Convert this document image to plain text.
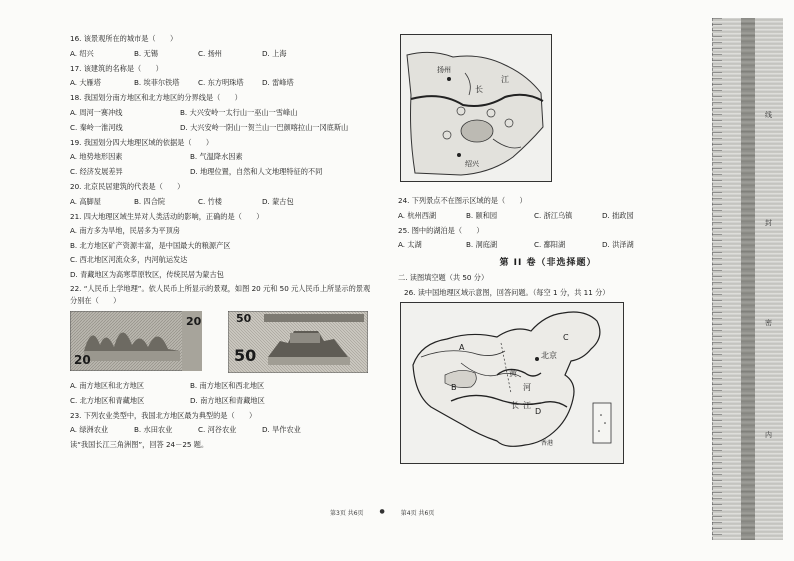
16. 该景观所在的城市是（　　）
A. 绍兴	B. 无锡	C. 扬州	D. 上海
17. 该建筑的名称是（　　）
A. 大雁塔	B. 埃菲尔铁塔	C. 东方明珠塔	D. 雷峰塔
18. 我国划分南方地区和北方地区的分界线是（　　）
A. 周河一赛冲线	B. 大兴安岭一太行山一巫山一雪峰山
C. 秦岭一淮河线	D. 大兴安岭一阴山一贺兰山一巴颜喀拉山一冈底斯山
19. 我国划分四大地理区域的依据是（　　）
A. 地势地形因素	B. 气温降水因素
C. 经济发展差异	D. 地理位置，自然和人文地理特征的不同
20. 北京民居建筑的代表是（　　）
A. 高脚屋	B. 四合院	C. 竹楼	D. 蒙古包
21. 四大地理区域生异对人类活动的影响，正确的是（　　）
A. 南方多为旱地，民居多为平顶房
B. 北方地区矿产资源丰富，是中国最大的粮源产区
C. 西北地区河流众多，内河航运发达
D. 青藏地区为高寒草原牧区，传统民居为蒙古包
22. “人民币上学地理”。依人民币上所显示的景观，如图 20 元和 50 元人民币上所显示的景观
分别在（　　）
20
20
50
50
A. 南方地区和北方地区	B. 南方地区和西北地区
C. 北方地区和青藏地区	D. 南方地区和青藏地区
23. 下列农业类型中，我国北方地区最为典型的是（　　）
A. 绿洲农业	B. 水田农业	C. 河谷农业	D. 旱作农业
读“我国长江三角洲图”，回答 24－25 题。
扬州
长
江
绍兴
24. 下列景点不在图示区域的是（　　）
A. 杭州西湖	B. 颐和园	C. 浙江乌镇	D. 拙政园
25. 图中的湖泊是（　　）
A. 太湖	B. 洞庭湖	C. 鄱阳湖	D. 洪泽湖
第 II 卷（非选择题）
二. 读图填空题（共 50 分）
26. 读中国地理区域示意图，回答问题。（每空 1 分，共 11 分）
A
B
C
D
北京
黄
河
长 江
香港
第3页 共6页	●	第4页 共6页
线
封
密
内
